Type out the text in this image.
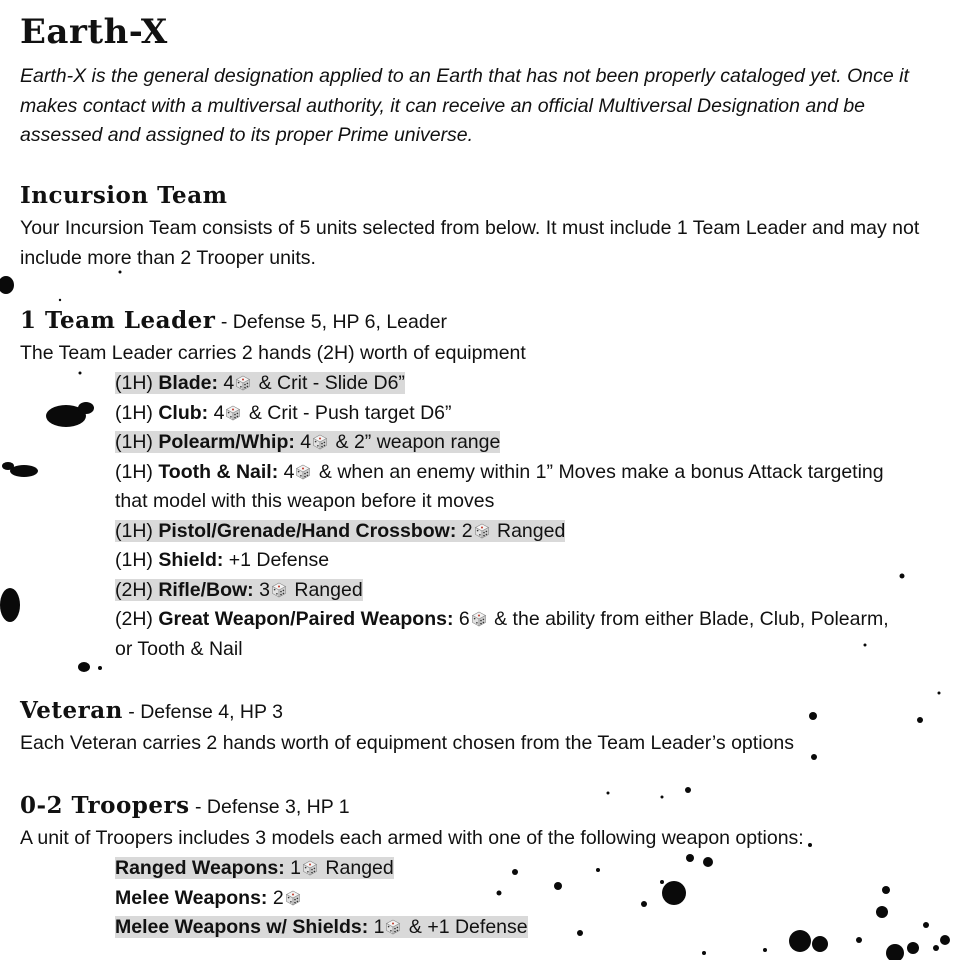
Earth-X
Earth-X is the general designation applied to an Earth that has not been properly cataloged yet. Once it makes contact with a multiversal authority, it can receive an official Multiversal Designation and be assessed and assigned to its proper Prime universe.
Incursion Team
Your Incursion Team consists of 5 units selected from below. It must include 1 Team Leader and may not include more than 2 Trooper units.
1 Team Leader - Defense 5, HP 6, Leader
The Team Leader carries 2 hands (2H) worth of equipment
(1H) Blade: 4 & Crit - Slide D6”
(1H) Club: 4 & Crit - Push target D6”
(1H) Polearm/Whip: 4 & 2” weapon range
(1H) Tooth & Nail: 4 & when an enemy within 1” Moves make a bonus Attack targeting that model with this weapon before it moves
(1H) Pistol/Grenade/Hand Crossbow: 2 Ranged
(1H) Shield: +1 Defense
(2H) Rifle/Bow: 3 Ranged
(2H) Great Weapon/Paired Weapons: 6 & the ability from either Blade, Club, Polearm, or Tooth & Nail
Veteran - Defense 4, HP 3
Each Veteran carries 2 hands worth of equipment chosen from the Team Leader’s options
0-2 Troopers - Defense 3, HP 1
A unit of Troopers includes 3 models each armed with one of the following weapon options:
Ranged Weapons: 1 Ranged
Melee Weapons: 2
Melee Weapons w/ Shields: 1 & +1 Defense
